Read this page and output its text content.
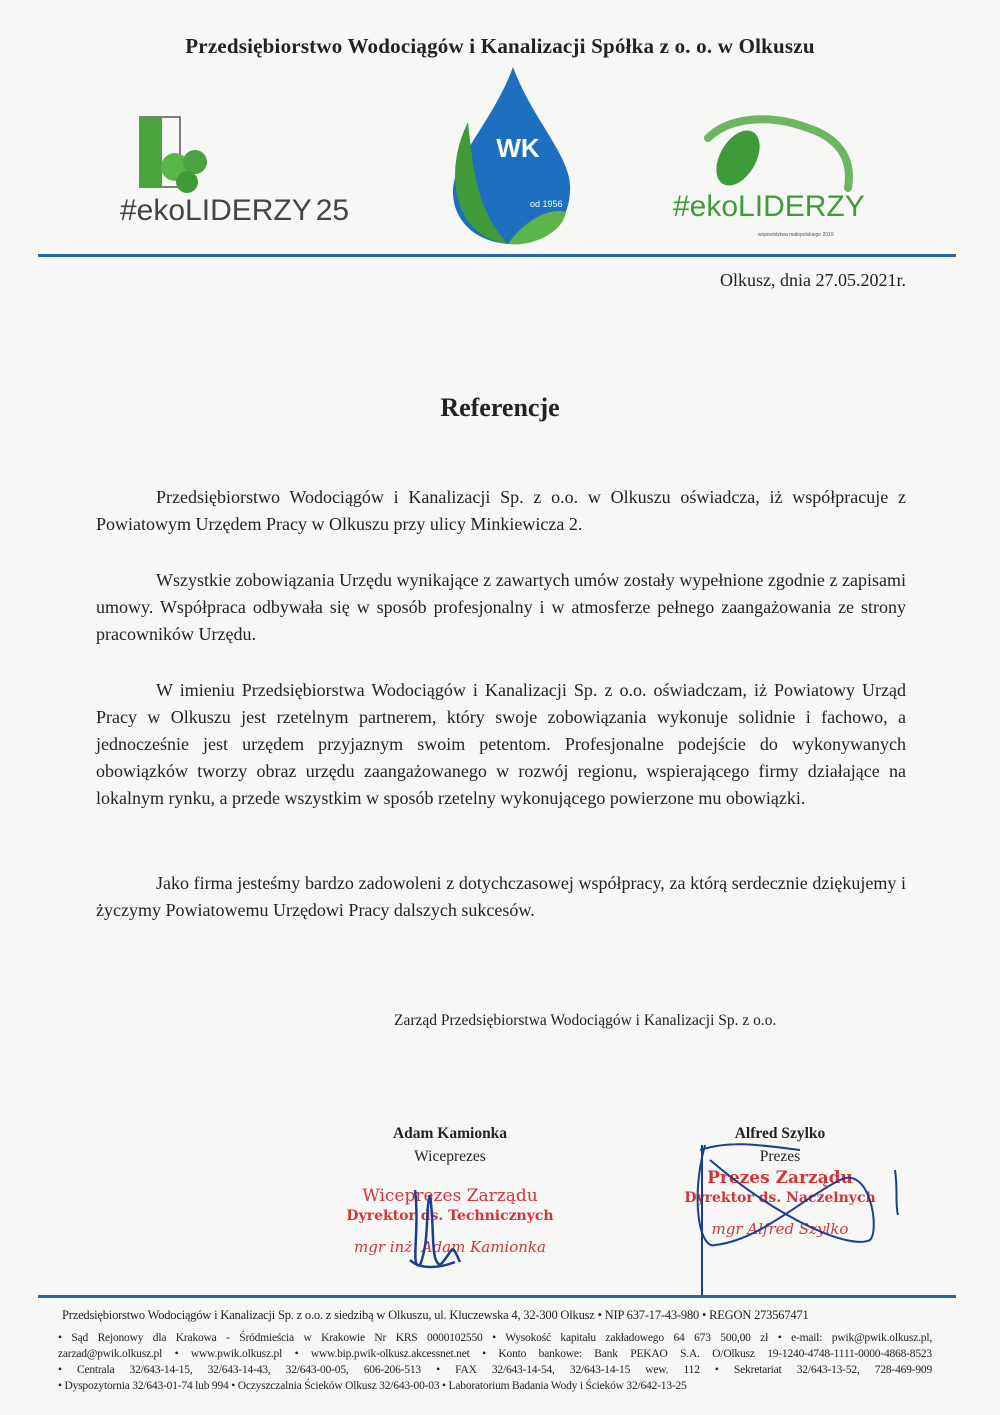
Przedsiębiorstwo Wodociągów i Kanalizacji Spółka z o. o. w Olkuszu
#ekoLIDERZY 25
WK
od 1956	#ekoLIDERZY
województwa małopolskiego 2019
Olkusz, dnia 27.05.2021r.
Referencje
Przedsiębiorstwo Wodociągów i Kanalizacji Sp. z o.o. w Olkuszu oświadcza, iż współpracuje z Powiatowym Urzędem Pracy w Olkuszu przy ulicy Minkiewicza 2.
Wszystkie zobowiązania Urzędu wynikające z zawartych umów zostały wypełnione zgodnie z zapisami umowy. Współpraca odbywała się w sposób profesjonalny i w atmosferze pełnego zaangażowania ze strony pracowników Urzędu.
W imieniu Przedsiębiorstwa Wodociągów i Kanalizacji Sp. z o.o. oświadczam, iż Powiatowy Urząd Pracy w Olkuszu jest rzetelnym partnerem, który swoje zobowiązania wykonuje solidnie i fachowo, a jednocześnie jest urzędem przyjaznym swoim petentom. Profesjonalne podejście do wykonywanych obowiązków tworzy obraz urzędu zaangażowanego w rozwój regionu, wspierającego firmy działające na lokalnym rynku, a przede wszystkim w sposób rzetelny wykonującego powierzone mu obowiązki.
Jako firma jesteśmy bardzo zadowoleni z dotychczasowej współpracy, za którą serdecznie dziękujemy i życzymy Powiatowemu Urzędowi Pracy dalszych sukcesów.
Zarząd Przedsiębiorstwa Wodociągów i Kanalizacji Sp. z o.o.
Adam Kamionka
Wiceprezes
Wiceprezes Zarządu
Dyrektor ds. Technicznych
mgr inż. Adam Kamionka
Alfred Szylko
Prezes
Prezes Zarządu
Dyrektor ds. Naczelnych
mgr Alfred Szylko
Przedsiębiorstwo Wodociągów i Kanalizacji Sp. z o.o. z siedzibą w Olkuszu, ul. Kluczewska 4, 32-300 Olkusz • NIP 637-17-43-980 • REGON 273567471
• Sąd Rejonowy dla Krakowa - Śródmieścia w Krakowie Nr KRS 0000102550 • Wysokość kapitału zakładowego 64 673 500,00 zł • e-mail: pwik@pwik.olkusz.pl,
zarzad@pwik.olkusz.pl • www.pwik.olkusz.pl • www.bip.pwik-olkusz.akcessnet.net • Konto bankowe: Bank PEKAO S.A. O/Olkusz 19-1240-4748-1111-0000-4868-8523
• Centrala 32/643-14-15, 32/643-14-43, 32/643-00-05, 606-206-513 • FAX 32/643-14-54, 32/643-14-15 wew. 112 • Sekretariat 32/643-13-52, 728-469-909
• Dyspozytornia 32/643-01-74 lub 994 • Oczyszczalnia Ścieków Olkusz 32/643-00-03 • Laboratorium Badania Wody i Ścieków 32/642-13-25
